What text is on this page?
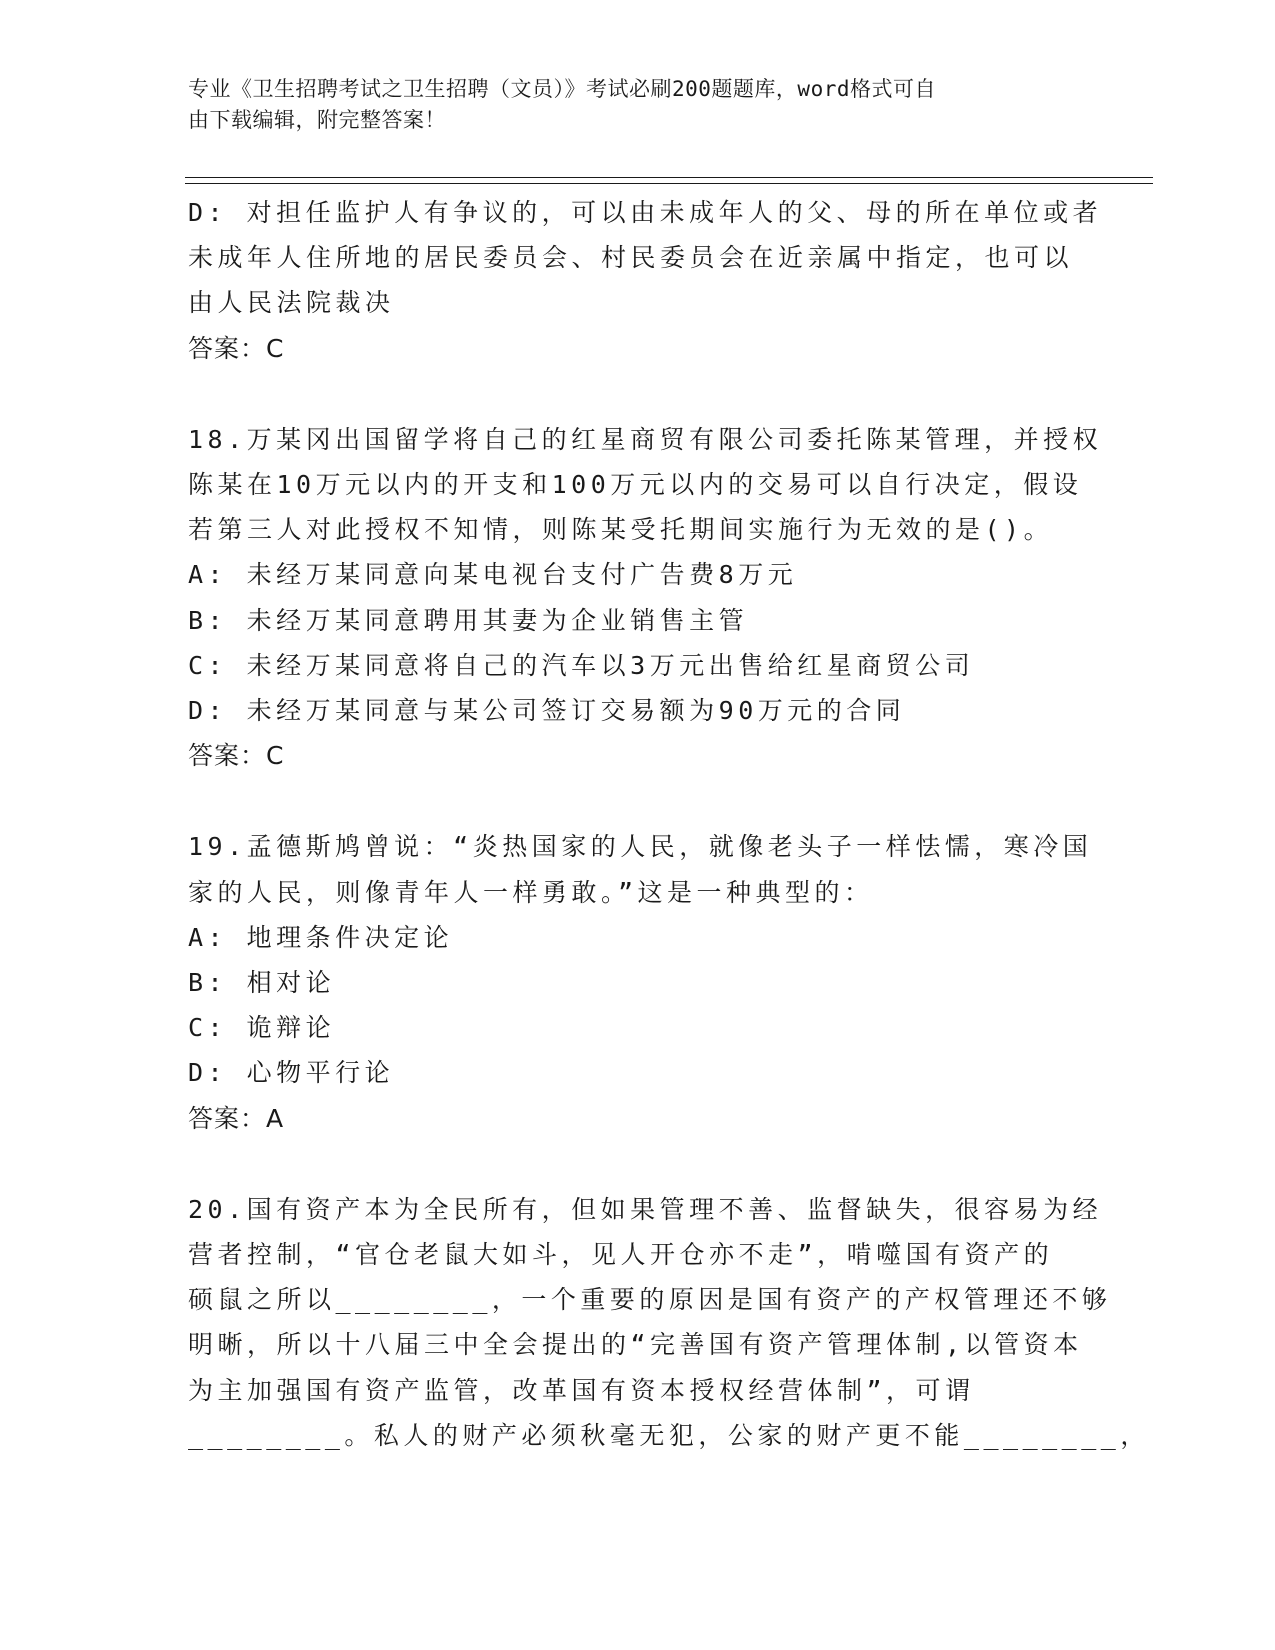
专业《卫生招聘考试之卫生招聘（文员）》考试必刷200题题库，word格式可自
由下载编辑，附完整答案！
D: 对担任监护人有争议的，可以由未成年人的父、母的所在单位或者
未成年人住所地的居民委员会、村民委员会在近亲属中指定，也可以
由人民法院裁决
答案：C
18.万某冈出国留学将自己的红星商贸有限公司委托陈某管理，并授权
陈某在10万元以内的开支和100万元以内的交易可以自行决定，假设
若第三人对此授权不知情，则陈某受托期间实施行为无效的是()。
A: 未经万某同意向某电视台支付广告费8万元
B: 未经万某同意聘用其妻为企业销售主管
C: 未经万某同意将自己的汽车以3万元出售给红星商贸公司
D: 未经万某同意与某公司签订交易额为90万元的合同
答案：C
19.孟德斯鸠曾说：“炎热国家的人民，就像老头子一样怯懦，寒冷国
家的人民，则像青年人一样勇敢。”这是一种典型的：
A: 地理条件决定论
B: 相对论
C: 诡辩论
D: 心物平行论
答案：A
20.国有资产本为全民所有，但如果管理不善、监督缺失，很容易为经
营者控制，“官仓老鼠大如斗，见人开仓亦不走”，啃噬国有资产的
硕鼠之所以________，一个重要的原因是国有资产的产权管理还不够
明晰，所以十八届三中全会提出的“完善国有资产管理体制,以管资本
为主加强国有资产监管，改革国有资本授权经营体制”，可谓
________。私人的财产必须秋毫无犯，公家的财产更不能________，
